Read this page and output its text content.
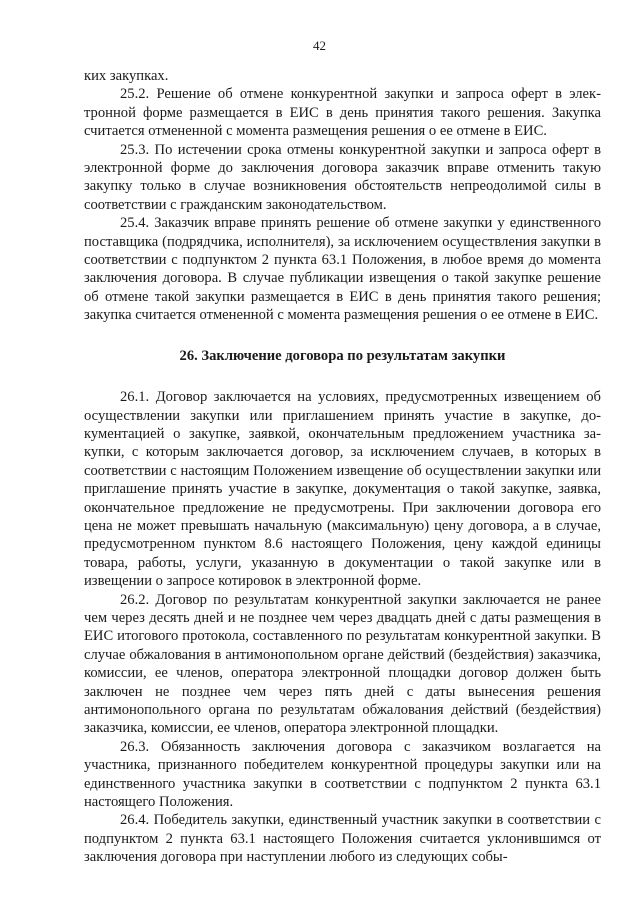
42

ких закупках.

25.2. Решение об отмене конкурентной закупки и запроса оферт в электронной форме размещается в ЕИС в день принятия такого решения. Закупка считается отмененной с момента размещения решения о ее отмене в ЕИС.

25.3. По истечении срока отмены конкурентной закупки и запроса оферт в электронной форме до заключения договора заказчик вправе отменить такую закупку только в случае возникновения обстоятельств непреодолимой силы в соответствии с гражданским законодательством.

25.4. Заказчик вправе принять решение об отмене закупки у единственного поставщика (подрядчика, исполнителя), за исключением осуществления закупки в соответствии с подпунктом 2 пункта 63.1 Положения, в любое время до момента заключения договора. В случае публикации извещения о такой закупке решение об отмене такой закупки размещается в ЕИС в день принятия такого решения; закупка считается отмененной с момента размещения решения о ее отмене в ЕИС.

26. Заключение договора по результатам закупки

26.1. Договор заключается на условиях, предусмотренных извещением об осуществлении закупки или приглашением принять участие в закупке, документацией о закупке, заявкой, окончательным предложением участника закупки, с которым заключается договор, за исключением случаев, в которых в соответствии с настоящим Положением извещение об осуществлении закупки или приглашение принять участие в закупке, документация о такой закупке, заявка, окончательное предложение не предусмотрены. При заключении договора его цена не может превышать начальную (максимальную) цену договора, а в случае, предусмотренном пунктом 8.6 настоящего Положения, цену каждой единицы товара, работы, услуги, указанную в документации о такой закупке или в извещении о запросе котировок в электронной форме.

26.2. Договор по результатам конкурентной закупки заключается не ранее чем через десять дней и не позднее чем через двадцать дней с даты размещения в ЕИС итогового протокола, составленного по результатам конкурентной закупки. В случае обжалования в антимонопольном органе действий (бездействия) заказчика, комиссии, ее членов, оператора электронной площадки договор должен быть заключен не позднее чем через пять дней с даты вынесения решения антимонопольного органа по результатам обжалования действий (бездействия) заказчика, комиссии, ее членов, оператора электронной площадки.

26.3. Обязанность заключения договора с заказчиком возлагается на участника, признанного победителем конкурентной процедуры закупки или на единственного участника закупки в соответствии с подпунктом 2 пункта 63.1 настоящего Положения.

26.4. Победитель закупки, единственный участник закупки в соответствии с подпунктом 2 пункта 63.1 настоящего Положения считается уклонившимся от заключения договора при наступлении любого из следующих собы-
